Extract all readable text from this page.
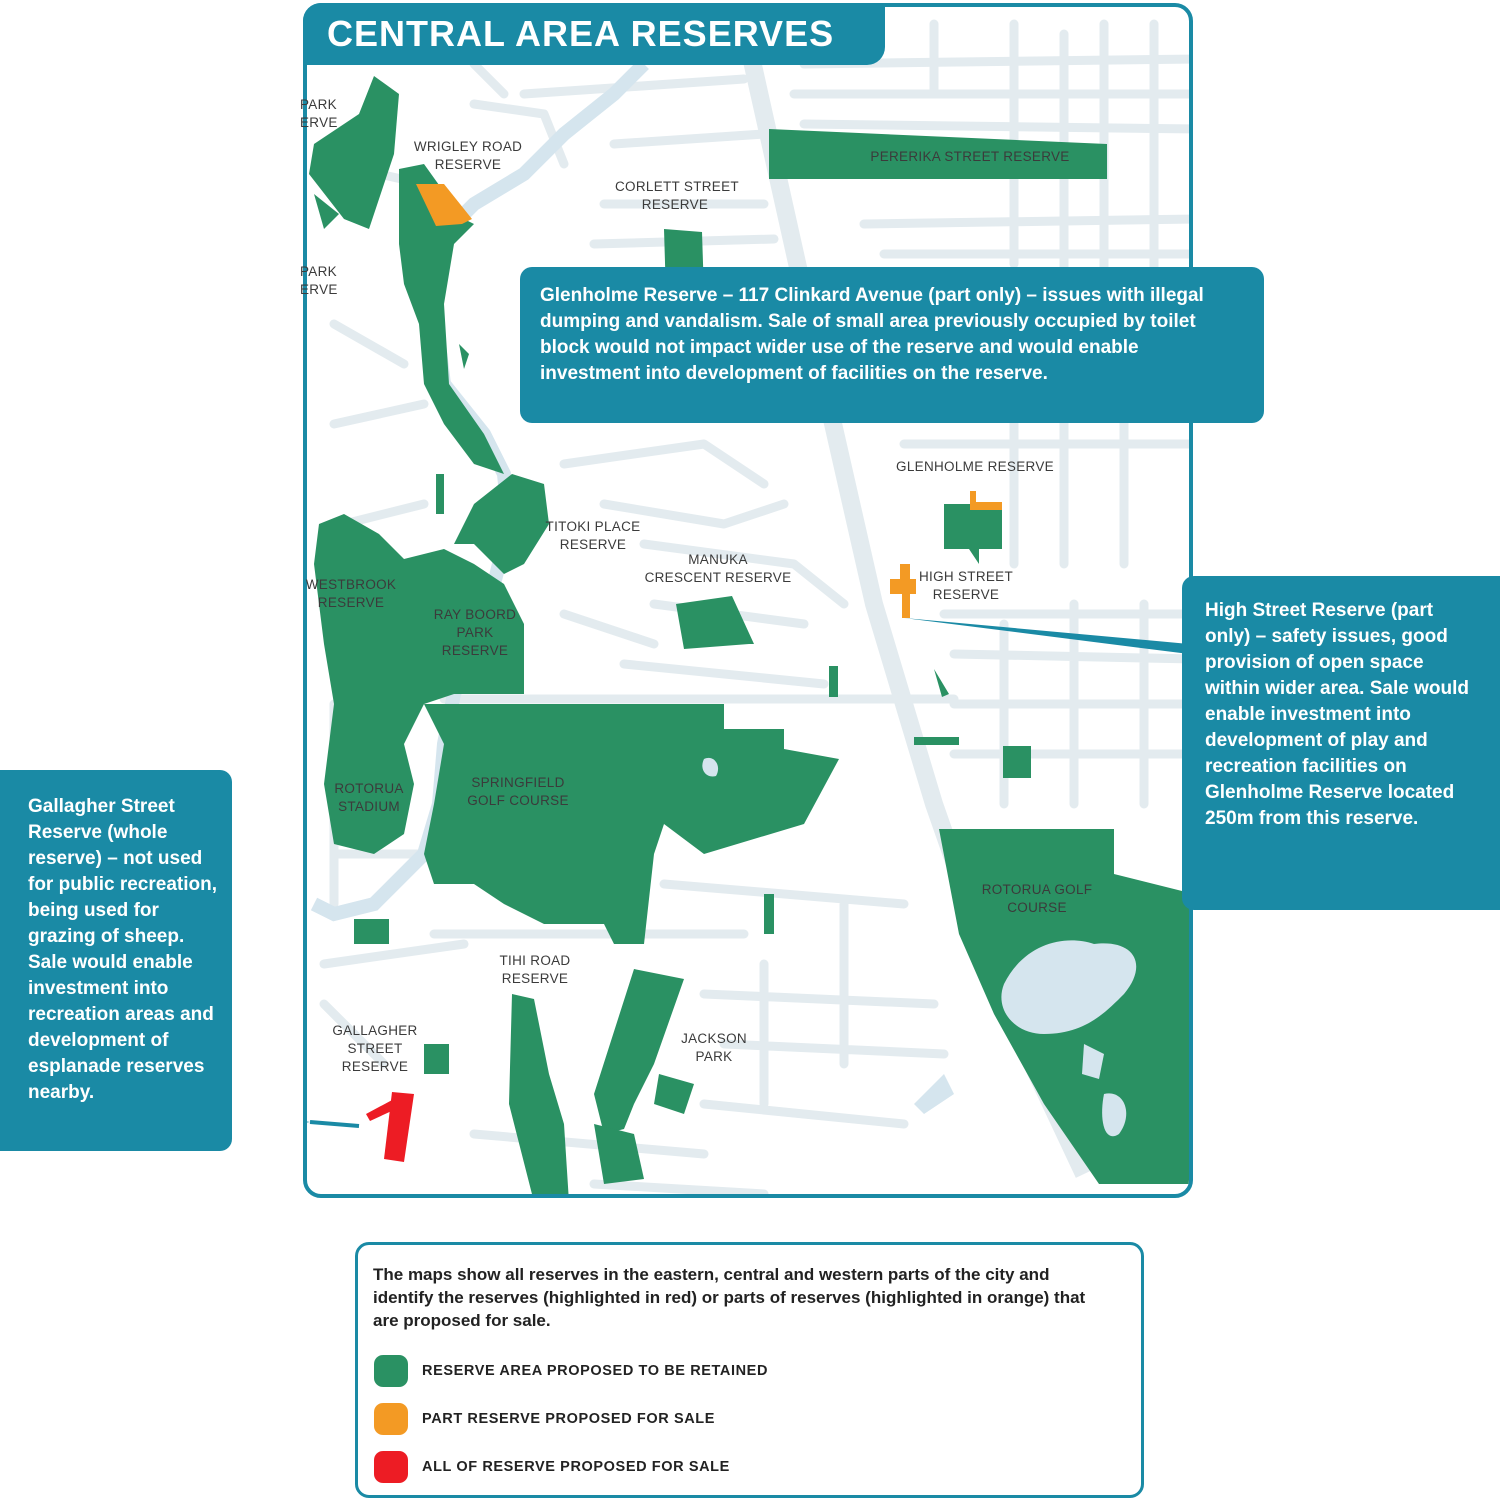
CENTRAL AREA RESERVES
PARK
ERVE
PARK
ERVE
WRIGLEY ROAD
RESERVE
CORLETT STREET
RESERVE
PERERIKA STREET RESERVE
GLENHOLME RESERVE
TITOKI PLACE
RESERVE
MANUKA
CRESCENT RESERVE	HIGH STREET
RESERVE
WESTBROOK
RESERVE
RAY BOORD
PARK
RESERVE
ROTORUA
STADIUM
SPRINGFIELD
GOLF COURSE
ROTORUA GOLF
COURSE
TIHI ROAD
RESERVE
JACKSON
PARK
GALLAGHER
STREET
RESERVE

Glenholme Reserve – 117 Clinkard Avenue (part only) – issues with illegal dumping and vandalism. Sale of small area previously occupied by toilet block would not impact wider use of the reserve and would enable investment into development of facilities on the reserve.

High Street Reserve (part only) – safety issues, good provision of open space within wider area. Sale would enable investment into development of play and recreation facilities on Glenholme Reserve located 250m from this reserve.

Gallagher Street Reserve (whole reserve) – not used for public recreation, being used for grazing of sheep. Sale would enable investment into recreation areas and development of esplanade reserves nearby.

The maps show all reserves in the eastern, central and western parts of the city and identify the reserves (highlighted in red) or parts of reserves (highlighted in orange) that are proposed for sale.
RESERVE AREA PROPOSED TO BE RETAINED
PART RESERVE PROPOSED FOR SALE
ALL OF RESERVE PROPOSED FOR SALE
